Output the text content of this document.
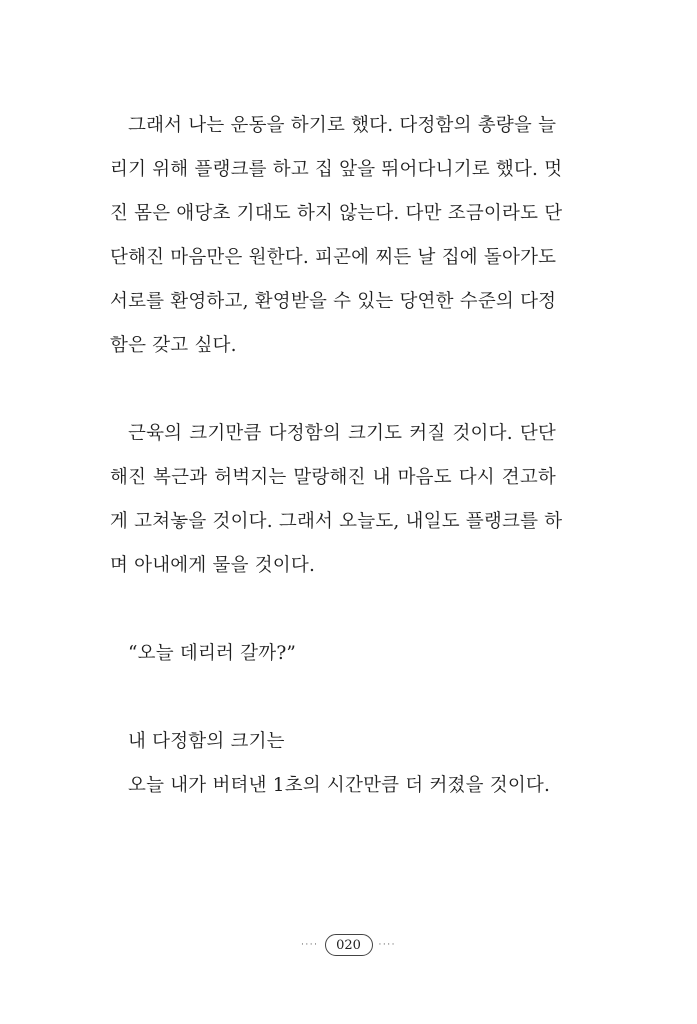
그래서 나는 운동을 하기로 했다. 다정함의 총량을 늘
리기 위해 플랭크를 하고 집 앞을 뛰어다니기로 했다. 멋
진 몸은 애당초 기대도 하지 않는다. 다만 조금이라도 단
단해진 마음만은 원한다. 피곤에 찌든 날 집에 돌아가도
서로를 환영하고, 환영받을 수 있는 당연한 수준의 다정
함은 갖고 싶다.
근육의 크기만큼 다정함의 크기도 커질 것이다. 단단
해진 복근과 허벅지는 말랑해진 내 마음도 다시 견고하
게 고쳐놓을 것이다. 그래서 오늘도, 내일도 플랭크를 하
며 아내에게 물을 것이다.
“오늘 데리러 갈까?”
내 다정함의 크기는
오늘 내가 버텨낸 1초의 시간만큼 더 커졌을 것이다.
····	020	····
